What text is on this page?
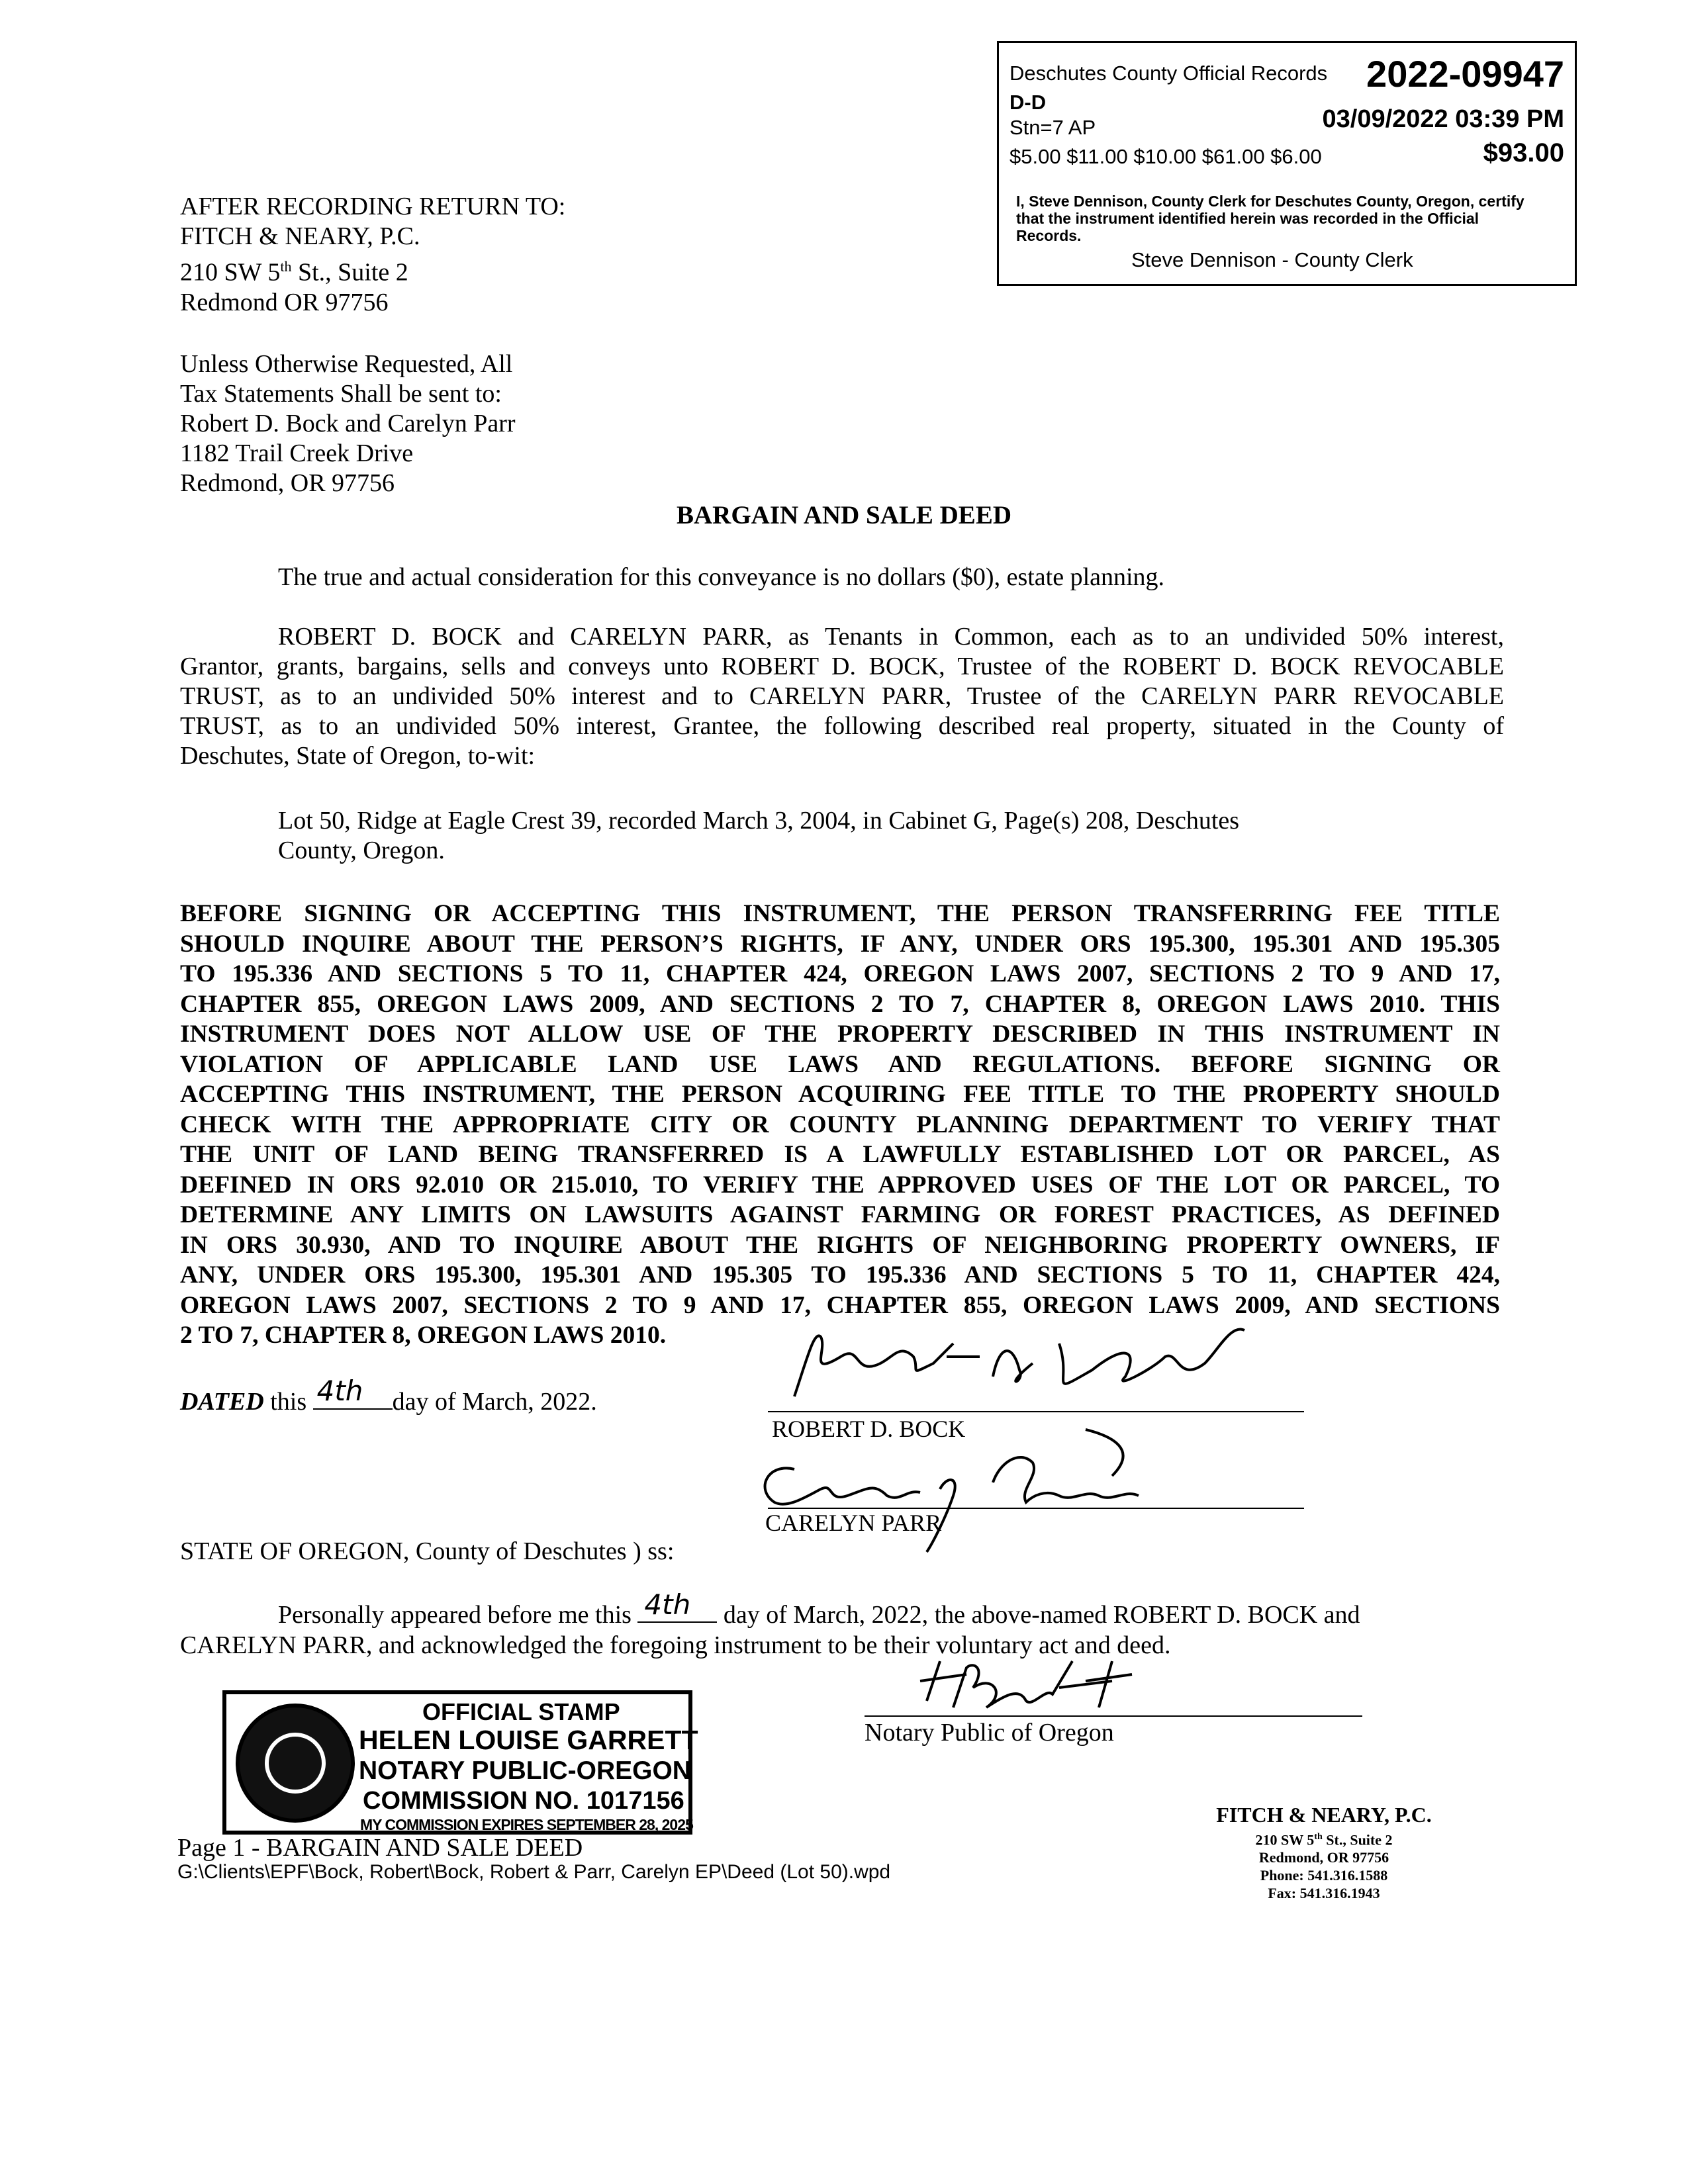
Deschutes County Official Records 2022-09947
D-D
Stn=7 AP	03/09/2022 03:39 PM
$5.00 $11.00 $10.00 $61.00 $6.00	$93.00
I, Steve Dennison, County Clerk for Deschutes County, Oregon, certify that the instrument identified herein was recorded in the Official Records.
Steve Dennison - County Clerk
AFTER RECORDING RETURN TO:
FITCH & NEARY, P.C.
210 SW 5th St., Suite 2
Redmond OR 97756
Unless Otherwise Requested, All
Tax Statements Shall be sent to:
Robert D. Bock and Carelyn Parr
1182 Trail Creek Drive
Redmond, OR 97756
BARGAIN AND SALE DEED
The true and actual consideration for this conveyance is no dollars ($0), estate planning.
ROBERT D. BOCK and CARELYN PARR, as Tenants in Common, each as to an undivided 50% interest,
Grantor, grants, bargains, sells and conveys unto ROBERT D. BOCK, Trustee of the ROBERT D. BOCK REVOCABLE
TRUST, as to an undivided 50% interest and to CARELYN PARR, Trustee of the CARELYN PARR REVOCABLE
TRUST, as to an undivided 50% interest, Grantee, the following described real property, situated in the County of
Deschutes, State of Oregon, to-wit:
Lot 50, Ridge at Eagle Crest 39, recorded March 3, 2004, in Cabinet G, Page(s) 208, Deschutes
County, Oregon.
BEFORE SIGNING OR ACCEPTING THIS INSTRUMENT, THE PERSON TRANSFERRING FEE TITLE
SHOULD INQUIRE ABOUT THE PERSON’S RIGHTS, IF ANY, UNDER ORS 195.300, 195.301 AND 195.305
TO 195.336 AND SECTIONS 5 TO 11, CHAPTER 424, OREGON LAWS 2007, SECTIONS 2 TO 9 AND 17,
CHAPTER 855, OREGON LAWS 2009, AND SECTIONS 2 TO 7, CHAPTER 8, OREGON LAWS 2010. THIS
INSTRUMENT DOES NOT ALLOW USE OF THE PROPERTY DESCRIBED IN THIS INSTRUMENT IN
VIOLATION OF APPLICABLE LAND USE LAWS AND REGULATIONS. BEFORE SIGNING OR
ACCEPTING THIS INSTRUMENT, THE PERSON ACQUIRING FEE TITLE TO THE PROPERTY SHOULD
CHECK WITH THE APPROPRIATE CITY OR COUNTY PLANNING DEPARTMENT TO VERIFY THAT
THE UNIT OF LAND BEING TRANSFERRED IS A LAWFULLY ESTABLISHED LOT OR PARCEL, AS
DEFINED IN ORS 92.010 OR 215.010, TO VERIFY THE APPROVED USES OF THE LOT OR PARCEL, TO
DETERMINE ANY LIMITS ON LAWSUITS AGAINST FARMING OR FOREST PRACTICES, AS DEFINED
IN ORS 30.930, AND TO INQUIRE ABOUT THE RIGHTS OF NEIGHBORING PROPERTY OWNERS, IF
ANY, UNDER ORS 195.300, 195.301 AND 195.305 TO 195.336 AND SECTIONS 5 TO 11, CHAPTER 424,
OREGON LAWS 2007, SECTIONS 2 TO 9 AND 17, CHAPTER 855, OREGON LAWS 2009, AND SECTIONS
2 TO 7, CHAPTER 8, OREGON LAWS 2010.
DATED this 4th day of March, 2022.
ROBERT D. BOCK
CARELYN PARR
STATE OF OREGON, County of Deschutes ) ss:
Personally appeared before me this 4th day of March, 2022, the above-named ROBERT D. BOCK and
CARELYN PARR, and acknowledged the foregoing instrument to be their voluntary act and deed.
Notary Public of Oregon
OFFICIAL STAMP
HELEN LOUISE GARRETT
NOTARY PUBLIC-OREGON
COMMISSION NO. 1017156
MY COMMISSION EXPIRES SEPTEMBER 28, 2025
Page 1 - BARGAIN AND SALE DEED
G:\Clients\EPF\Bock, Robert\Bock, Robert & Parr, Carelyn EP\Deed (Lot 50).wpd
FITCH & NEARY, P.C.
210 SW 5th St., Suite 2
Redmond, OR 97756
Phone: 541.316.1588
Fax: 541.316.1943
